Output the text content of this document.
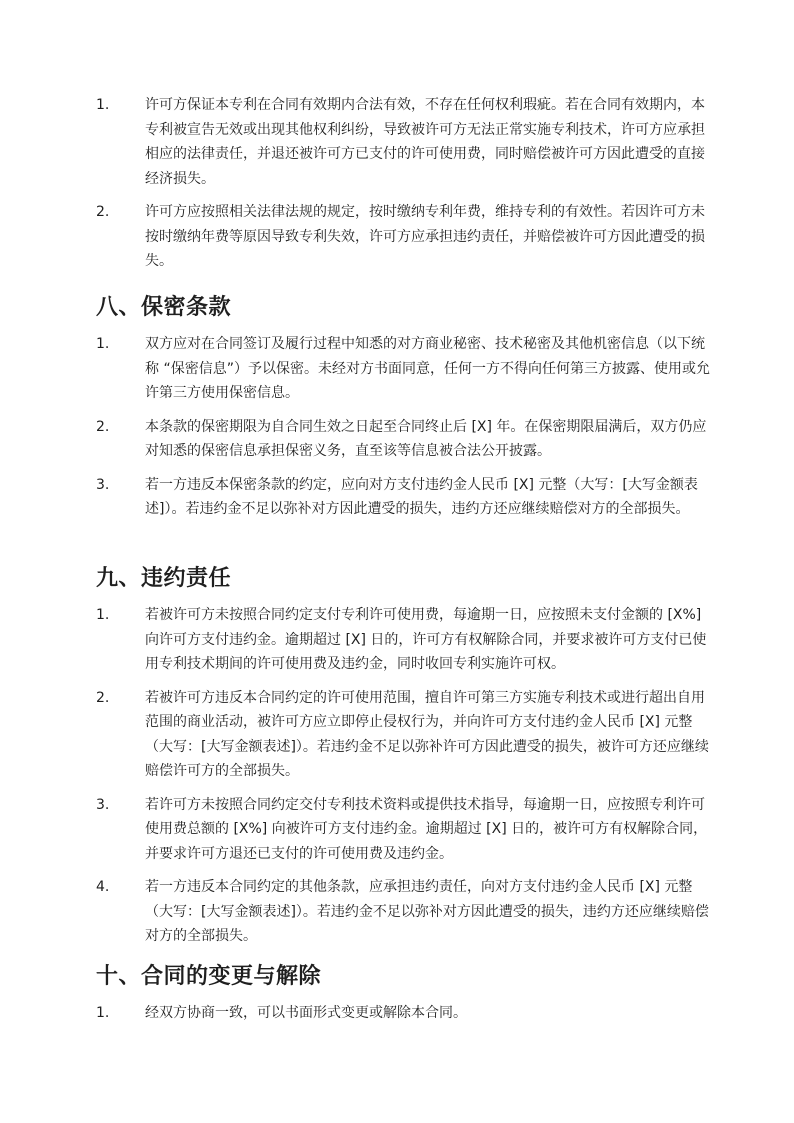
1.	许可方保证本专利在合同有效期内合法有效，不存在任何权利瑕疵。若在合同有效期内，本专利被宣告无效或出现其他权利纠纷，导致被许可方无法正常实施专利技术，许可方应承担相应的法律责任，并退还被许可方已支付的许可使用费，同时赔偿被许可方因此遭受的直接经济损失。
2.	许可方应按照相关法律法规的规定，按时缴纳专利年费，维持专利的有效性。若因许可方未按时缴纳年费等原因导致专利失效，许可方应承担违约责任，并赔偿被许可方因此遭受的损失。
八、保密条款
1.	双方应对在合同签订及履行过程中知悉的对方商业秘密、技术秘密及其他机密信息（以下统称 “保密信息”）予以保密。未经对方书面同意，任何一方不得向任何第三方披露、使用或允许第三方使用保密信息。
2.	本条款的保密期限为自合同生效之日起至合同终止后 [X] 年。在保密期限届满后，双方仍应对知悉的保密信息承担保密义务，直至该等信息被合法公开披露。
3.	若一方违反本保密条款的约定，应向对方支付违约金人民币 [X] 元整（大写：[大写金额表述]）。若违约金不足以弥补对方因此遭受的损失，违约方还应继续赔偿对方的全部损失。
九、违约责任
1.	若被许可方未按照合同约定支付专利许可使用费，每逾期一日，应按照未支付金额的 [X%] 向许可方支付违约金。逾期超过 [X] 日的，许可方有权解除合同，并要求被许可方支付已使用专利技术期间的许可使用费及违约金，同时收回专利实施许可权。
2.	若被许可方违反本合同约定的许可使用范围，擅自许可第三方实施专利技术或进行超出自用范围的商业活动，被许可方应立即停止侵权行为，并向许可方支付违约金人民币 [X] 元整（大写：[大写金额表述]）。若违约金不足以弥补许可方因此遭受的损失，被许可方还应继续赔偿许可方的全部损失。
3.	若许可方未按照合同约定交付专利技术资料或提供技术指导，每逾期一日，应按照专利许可使用费总额的 [X%] 向被许可方支付违约金。逾期超过 [X] 日的，被许可方有权解除合同，并要求许可方退还已支付的许可使用费及违约金。
4.	若一方违反本合同约定的其他条款，应承担违约责任，向对方支付违约金人民币 [X] 元整（大写：[大写金额表述]）。若违约金不足以弥补对方因此遭受的损失，违约方还应继续赔偿对方的全部损失。
十、合同的变更与解除
1.	经双方协商一致，可以书面形式变更或解除本合同。
